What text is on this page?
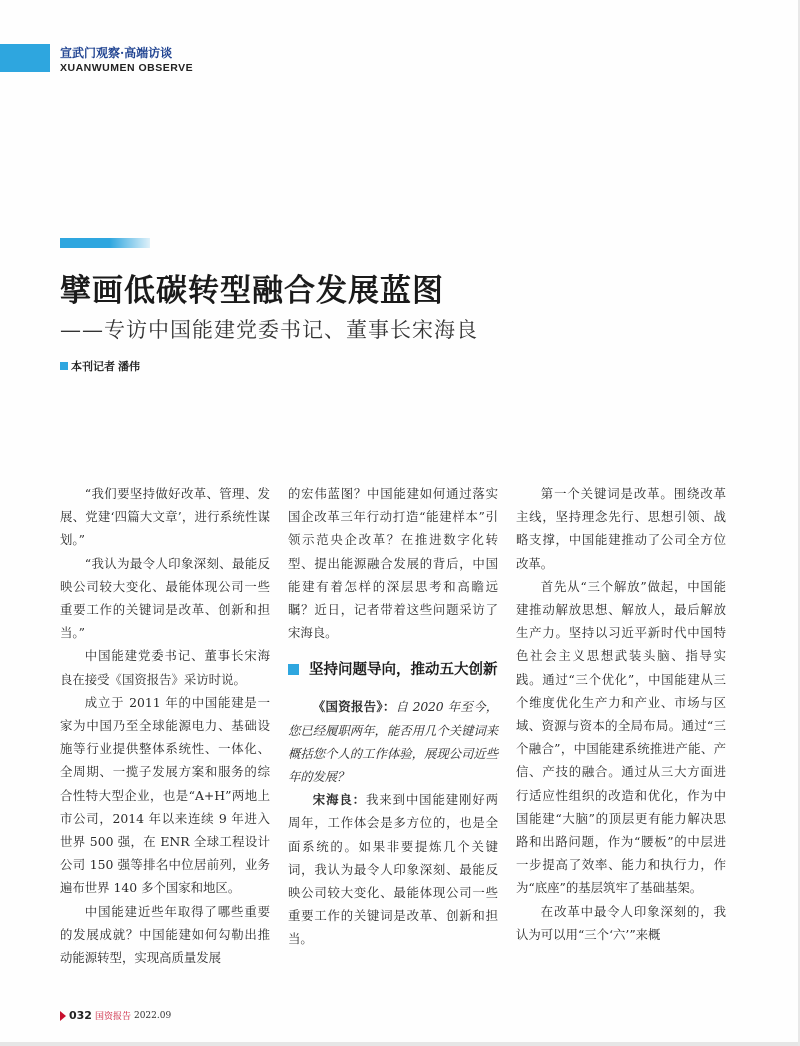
宣武门观察·高端访谈
XUANWUMEN OBSERVE
擘画低碳转型融合发展蓝图
——专访中国能建党委书记、董事长宋海良
本刊记者 潘伟

“我们要坚持做好改革、管理、发展、党建‘四篇大文章’，进行系统性谋划。”

“我认为最令人印象深刻、最能反映公司较大变化、最能体现公司一些重要工作的关键词是改革、创新和担当。”

中国能建党委书记、董事长宋海良在接受《国资报告》采访时说。

成立于 2011 年的中国能建是一家为中国乃至全球能源电力、基础设施等行业提供整体系统性、一体化、全周期、一揽子发展方案和服务的综合性特大型企业，也是“A+H”两地上市公司，2014 年以来连续 9 年进入世界 500 强，在 ENR 全球工程设计公司 150 强等排名中位居前列，业务遍布世界 140 多个国家和地区。

中国能建近些年取得了哪些重要的发展成就？中国能建如何勾勒出推动能源转型，实现高质量发展

的宏伟蓝图？中国能建如何通过落实国企改革三年行动打造“能建样本”引领示范央企改革？在推进数字化转型、提出能源融合发展的背后，中国能建有着怎样的深层思考和高瞻远瞩？近日，记者带着这些问题采访了宋海良。

坚持问题导向，推动五大创新

《国资报告》：自 2020 年至今，您已经履职两年，能否用几个关键词来概括您个人的工作体验，展现公司近些年的发展？

宋海良：我来到中国能建刚好两周年，工作体会是多方位的，也是全面系统的。如果非要提炼几个关键词，我认为最令人印象深刻、最能反映公司较大变化、最能体现公司一些重要工作的关键词是改革、创新和担当。

第一个关键词是改革。围绕改革主线，坚持理念先行、思想引领、战略支撑，中国能建推动了公司全方位改革。

首先从“三个解放”做起，中国能建推动解放思想、解放人，最后解放生产力。坚持以习近平新时代中国特色社会主义思想武装头脑、指导实践。通过“三个优化”，中国能建从三个维度优化生产力和产业、市场与区域、资源与资本的全局布局。通过“三个融合”，中国能建系统推进产能、产信、产技的融合。通过从三大方面进行适应性组织的改造和优化，作为中国能建“大脑”的顶层更有能力解决思路和出路问题，作为“腰板”的中层进一步提高了效率、能力和执行力，作为“底座”的基层筑牢了基础基架。

在改革中最令人印象深刻的，我认为可以用“三个‘六’”来概

032 国资报告 2022.09
